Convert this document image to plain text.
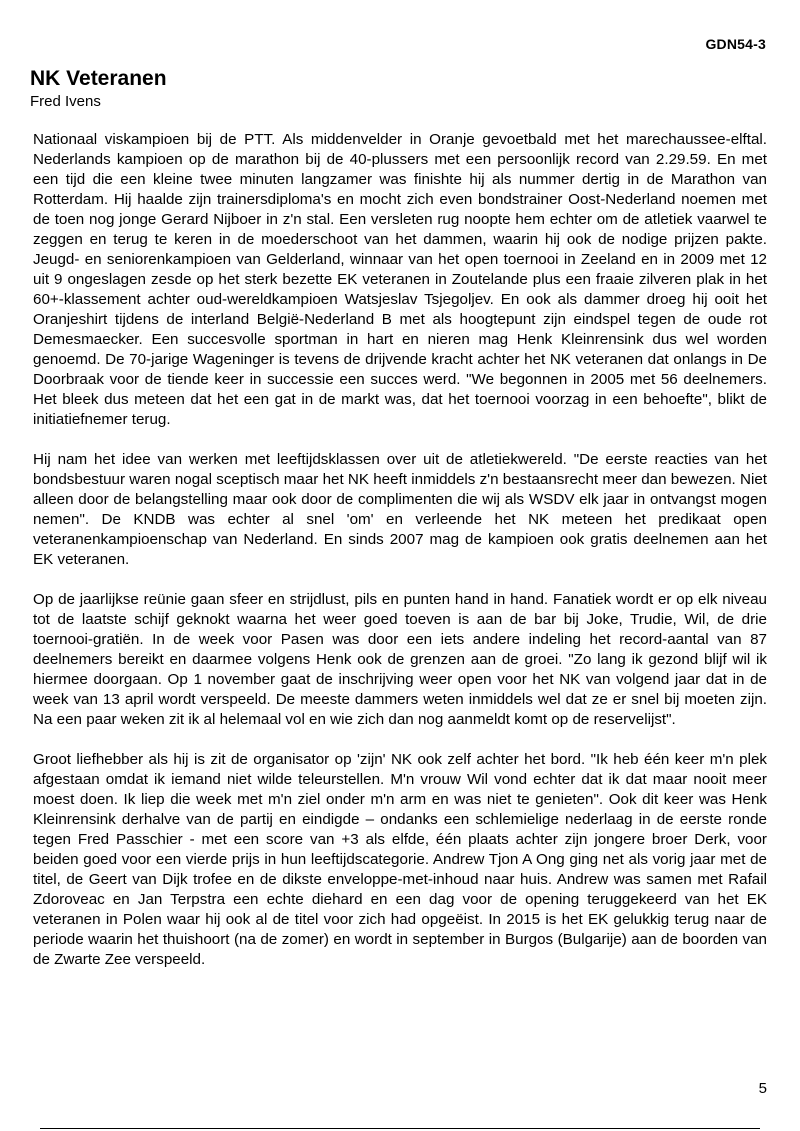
GDN54-3
NK Veteranen

Fred Ivens

Nationaal viskampioen bij de PTT. Als middenvelder in Oranje gevoetbald met het marechaussee-elftal. Nederlands kampioen op de marathon bij de 40-plussers met een persoonlijk record van 2.29.59. En met een tijd die een kleine twee minuten langzamer was finishte hij als nummer dertig in de Marathon van Rotterdam. Hij haalde zijn trainersdiploma's en mocht zich even bondstrainer Oost-Nederland noemen met de toen nog jonge Gerard Nijboer in z'n stal. Een versleten rug noopte hem echter om de atletiek vaarwel te zeggen en terug te keren in de moederschoot van het dammen, waarin hij ook de nodige prijzen pakte. Jeugd- en seniorenkampioen van Gelderland, winnaar van het open toernooi in Zeeland en in 2009 met 12 uit 9 ongeslagen zesde op het sterk bezette EK veteranen in Zoutelande plus een fraaie zilveren plak in het 60+-klassement achter oud-wereldkampioen Watsjeslav Tsjegoljev. En ook als dammer droeg hij ooit het Oranjeshirt tijdens de interland België-Nederland B met als hoogtepunt zijn eindspel tegen de oude rot Demesmaecker. Een succesvolle sportman in hart en nieren mag Henk Kleinrensink dus wel worden genoemd. De 70-jarige Wageninger is tevens de drijvende kracht achter het NK veteranen dat onlangs in De Doorbraak voor de tiende keer in successie een succes werd. "We begonnen in 2005 met 56 deelnemers. Het bleek dus meteen dat het een gat in de markt was, dat het toernooi voorzag in een behoefte", blikt de initiatiefnemer terug.

Hij nam het idee van werken met leeftijdsklassen over uit de atletiekwereld. "De eerste reacties van het bondsbestuur waren nogal sceptisch maar het NK heeft inmiddels z'n bestaansrecht meer dan bewezen. Niet alleen door de belangstelling maar ook door de complimenten die wij als WSDV elk jaar in ontvangst mogen nemen". De KNDB was echter al snel 'om' en verleende het NK meteen het predikaat open veteranenkampioenschap van Nederland. En sinds 2007 mag de kampioen ook gratis deelnemen aan het EK veteranen.

Op de jaarlijkse reünie gaan sfeer en strijdlust, pils en punten hand in hand. Fanatiek wordt er op elk niveau tot de laatste schijf geknokt waarna het weer goed toeven is aan de bar bij Joke, Trudie, Wil, de drie toernooi-gratiën. In de week voor Pasen was door een iets andere indeling het record-aantal van 87 deelnemers bereikt en daarmee volgens Henk ook de grenzen aan de groei. "Zo lang ik gezond blijf wil ik hiermee doorgaan. Op 1 november gaat de inschrijving weer open voor het NK van volgend jaar dat in de week van 13 april wordt verspeeld. De meeste dammers weten inmiddels wel dat ze er snel bij moeten zijn. Na een paar weken zit ik al helemaal vol en wie zich dan nog aanmeldt komt op de reservelijst".

Groot liefhebber als hij is zit de organisator op 'zijn' NK ook zelf achter het bord. "Ik heb één keer m'n plek afgestaan omdat ik iemand niet wilde teleurstellen. M'n vrouw Wil vond echter dat ik dat maar nooit meer moest doen. Ik liep die week met m'n ziel onder m'n arm en was niet te genieten". Ook dit keer was Henk Kleinrensink derhalve van de partij en eindigde – ondanks een schlemielige nederlaag in de eerste ronde tegen Fred Passchier - met een score van +3 als elfde, één plaats achter zijn jongere broer Derk, voor beiden goed voor een vierde prijs in hun leeftijdscategorie. Andrew Tjon A Ong ging net als vorig jaar met de titel, de Geert van Dijk trofee en de dikste enveloppe-met-inhoud naar huis. Andrew was samen met Rafail Zdoroveac en Jan Terpstra een echte diehard en een dag voor de opening teruggekeerd van het EK veteranen in Polen waar hij ook al de titel voor zich had opgeëist. In 2015 is het EK gelukkig terug naar de periode waarin het thuishoort (na de zomer) en wordt in september in Burgos (Bulgarije) aan de boorden van de Zwarte Zee verspeeld.

5
